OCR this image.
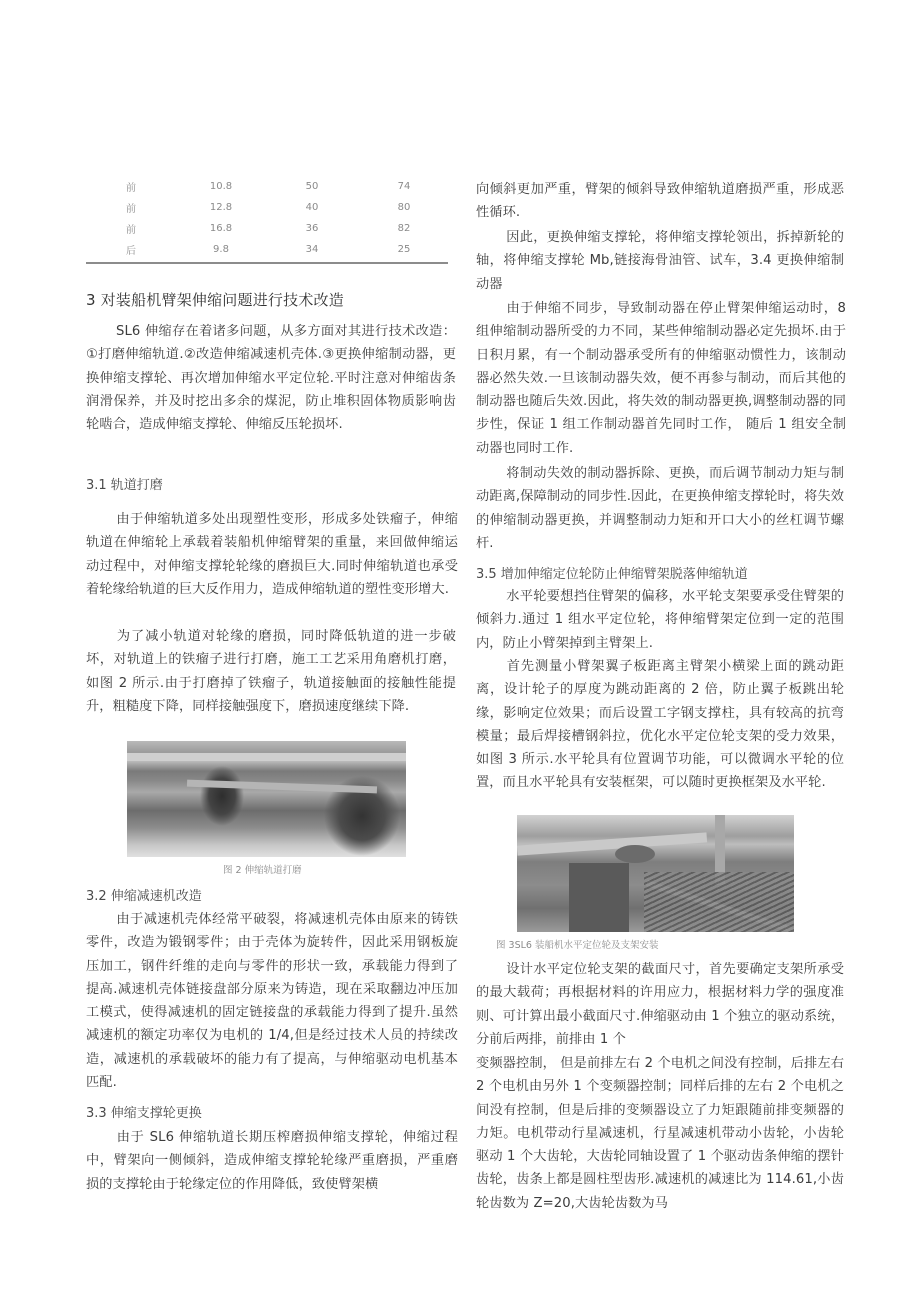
前	10.8	50	74
前	12.8	40	80
前	16.8	36	82
后	9.8	34	25
3 对装船机臂架伸缩问题进行技术改造
SL6 伸缩存在着诸多问题，从多方面对其进行技术改造：①打磨伸缩轨道.②改造伸缩减速机壳体.③更换伸缩制动器，更换伸缩支撑轮、再次增加伸缩水平定位轮.平时注意对伸缩齿条润滑保养，并及时挖出多余的煤泥，防止堆积固体物质影响齿轮啮合，造成伸缩支撑轮、伸缩反压轮损坏.
3.1 轨道打磨
由于伸缩轨道多处出现塑性变形，形成多处铁瘤子，伸缩轨道在伸缩轮上承载着装船机伸缩臂架的重量，来回做伸缩运动过程中，对伸缩支撑轮轮缘的磨损巨大.同时伸缩轨道也承受着轮缘给轨道的巨大反作用力，造成伸缩轨道的塑性变形增大.
为了减小轨道对轮缘的磨损，同时降低轨道的进一步破坏，对轨道上的铁瘤子进行打磨，施工工艺采用角磨机打磨，如图 2 所示.由于打磨掉了铁瘤子，轨道接触面的接触性能提升，粗糙度下降，同样接触强度下，磨损速度继续下降.
图 2 伸缩轨道打磨
3.2 伸缩减速机改造
由于减速机壳体经常平破裂，将减速机壳体由原来的铸铁零件，改造为锻钢零件；由于壳体为旋转件，因此采用钢板旋压加工，钢件纤维的走向与零件的形状一致，承载能力得到了提高.减速机壳体链接盘部分原来为铸造，现在采取翻边冲压加工模式，使得减速机的固定链接盘的承载能力得到了提升.虽然减速机的额定功率仅为电机的 1/4,但是经过技术人员的持续改造，减速机的承载破坏的能力有了提高，与伸缩驱动电机基本匹配.
3.3 伸缩支撑轮更换
由于 SL6 伸缩轨道长期压榨磨损伸缩支撑轮，伸缩过程中，臂架向一侧倾斜，造成伸缩支撑轮轮缘严重磨损，严重磨损的支撑轮由于轮缘定位的作用降低，致使臂架横
向倾斜更加严重，臂架的倾斜导致伸缩轨道磨损严重，形成恶性循环.
因此，更换伸缩支撑轮，将伸缩支撑轮领出，拆掉新轮的轴，将伸缩支撑轮 Mb,链接海骨油管、试车，3.4 更换伸缩制动器
由于伸缩不同步，导致制动器在停止臂架伸缩运动时，8 组伸缩制动器所受的力不同，某些伸缩制动器必定先损坏.由于日积月累，有一个制动器承受所有的伸缩驱动惯性力，该制动器必然失效.一旦该制动器失效，便不再参与制动，而后其他的制动器也随后失效.因此，将失效的制动器更换,调整制动器的同步性，保证 1 组工作制动器首先同时工作， 随后 1 组安全制动器也同时工作.
将制动失效的制动器拆除、更换，而后调节制动力矩与制动距离,保障制动的同步性.因此，在更换伸缩支撑轮时，将失效的伸缩制动器更换，并调整制动力矩和开口大小的丝杠调节螺杆.
3.5 增加伸缩定位轮防止伸缩臂架脱落伸缩轨道
水平轮要想挡住臂架的偏移，水平轮支架要承受住臂架的倾斜力.通过 1 组水平定位轮，将伸缩臂架定位到一定的范围内，防止小臂架掉到主臂架上.
首先测量小臂架翼子板距离主臂架小横梁上面的跳动距离，设计轮子的厚度为跳动距离的 2 倍，防止翼子板跳出轮缘，影响定位效果；而后设置工字钢支撑柱，具有较高的抗弯模量；最后焊接槽钢斜拉，优化水平定位轮支架的受力效果，如图 3 所示.水平轮具有位置调节功能，可以微调水平轮的位置，而且水平轮具有安装框架，可以随时更换框架及水平轮.
图 3SL6 装船机水平定位轮及支架安装
设计水平定位轮支架的截面尺寸，首先要确定支架所承受的最大载荷；再根据材料的许用应力，根据材料力学的强度准则、可计算出最小截面尺寸.伸缩驱动由 1 个独立的驱动系统，分前后两排，前排由 1 个
变频器控制， 但是前排左右 2 个电机之间没有控制，后排左右 2 个电机由另外 1 个变频器控制；同样后排的左右 2 个电机之间没有控制，但是后排的变频器设立了力矩跟随前排变频器的力矩。电机带动行星减速机，行星减速机带动小齿轮，小齿轮驱动 1 个大齿轮，大齿轮同轴设置了 1 个驱动齿条伸缩的摆针齿轮，齿条上都是圆柱型齿形.减速机的减速比为 114.61,小齿轮齿数为 Z=20,大齿轮齿数为马
